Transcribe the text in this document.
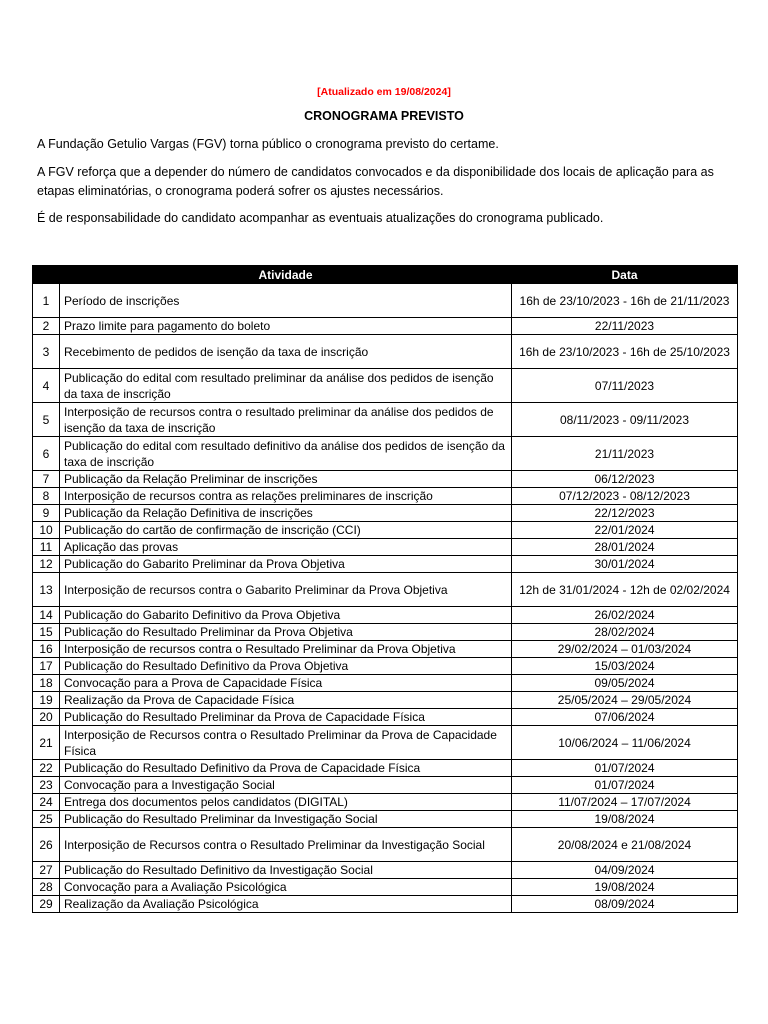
[Atualizado em 19/08/2024]
CRONOGRAMA PREVISTO
A Fundação Getulio Vargas (FGV) torna público o cronograma previsto do certame.
A FGV reforça que a depender do número de candidatos convocados e da disponibilidade dos locais de aplicação para as etapas eliminatórias, o cronograma poderá sofrer os ajustes necessários.
É de responsabilidade do candidato acompanhar as eventuais atualizações do cronograma publicado.
	Atividade	Data
1	Período de inscrições	16h de 23/10/2023 - 16h de 21/11/2023
2	Prazo limite para pagamento do boleto	22/11/2023
3	Recebimento de pedidos de isenção da taxa de inscrição	16h de 23/10/2023 - 16h de 25/10/2023
4	Publicação do edital com resultado preliminar da análise dos pedidos de isenção da taxa de inscrição	07/11/2023
5	Interposição de recursos contra o resultado preliminar da análise dos pedidos de isenção da taxa de inscrição	08/11/2023 - 09/11/2023
6	Publicação do edital com resultado definitivo da análise dos pedidos de isenção da taxa de inscrição	21/11/2023
7	Publicação da Relação Preliminar de inscrições	06/12/2023
8	Interposição de recursos contra as relações preliminares de inscrição	07/12/2023 - 08/12/2023
9	Publicação da Relação Definitiva de inscrições	22/12/2023
10	Publicação do cartão de confirmação de inscrição (CCI)	22/01/2024
11	Aplicação das provas	28/01/2024
12	Publicação do Gabarito Preliminar da Prova Objetiva	30/01/2024
13	Interposição de recursos contra o Gabarito Preliminar da Prova Objetiva	12h de 31/01/2024 - 12h de 02/02/2024
14	Publicação do Gabarito Definitivo da Prova Objetiva	26/02/2024
15	Publicação do Resultado Preliminar da Prova Objetiva	28/02/2024
16	Interposição de recursos contra o Resultado Preliminar da Prova Objetiva	29/02/2024 – 01/03/2024
17	Publicação do Resultado Definitivo da Prova Objetiva	15/03/2024
18	Convocação para a Prova de Capacidade Física	09/05/2024
19	Realização da Prova de Capacidade Física	25/05/2024 – 29/05/2024
20	Publicação do Resultado Preliminar da Prova de Capacidade Física	07/06/2024
21	Interposição de Recursos contra o Resultado Preliminar da Prova de Capacidade Física	10/06/2024 – 11/06/2024
22	Publicação do Resultado Definitivo da Prova de Capacidade Física	01/07/2024
23	Convocação para a Investigação Social	01/07/2024
24	Entrega dos documentos pelos candidatos (DIGITAL)	11/07/2024 – 17/07/2024
25	Publicação do Resultado Preliminar da Investigação Social	19/08/2024
26	Interposição de Recursos contra o Resultado Preliminar da Investigação Social	20/08/2024 e 21/08/2024
27	Publicação do Resultado Definitivo da Investigação Social	04/09/2024
28	Convocação para a Avaliação Psicológica	19/08/2024
29	Realização da Avaliação Psicológica	08/09/2024
